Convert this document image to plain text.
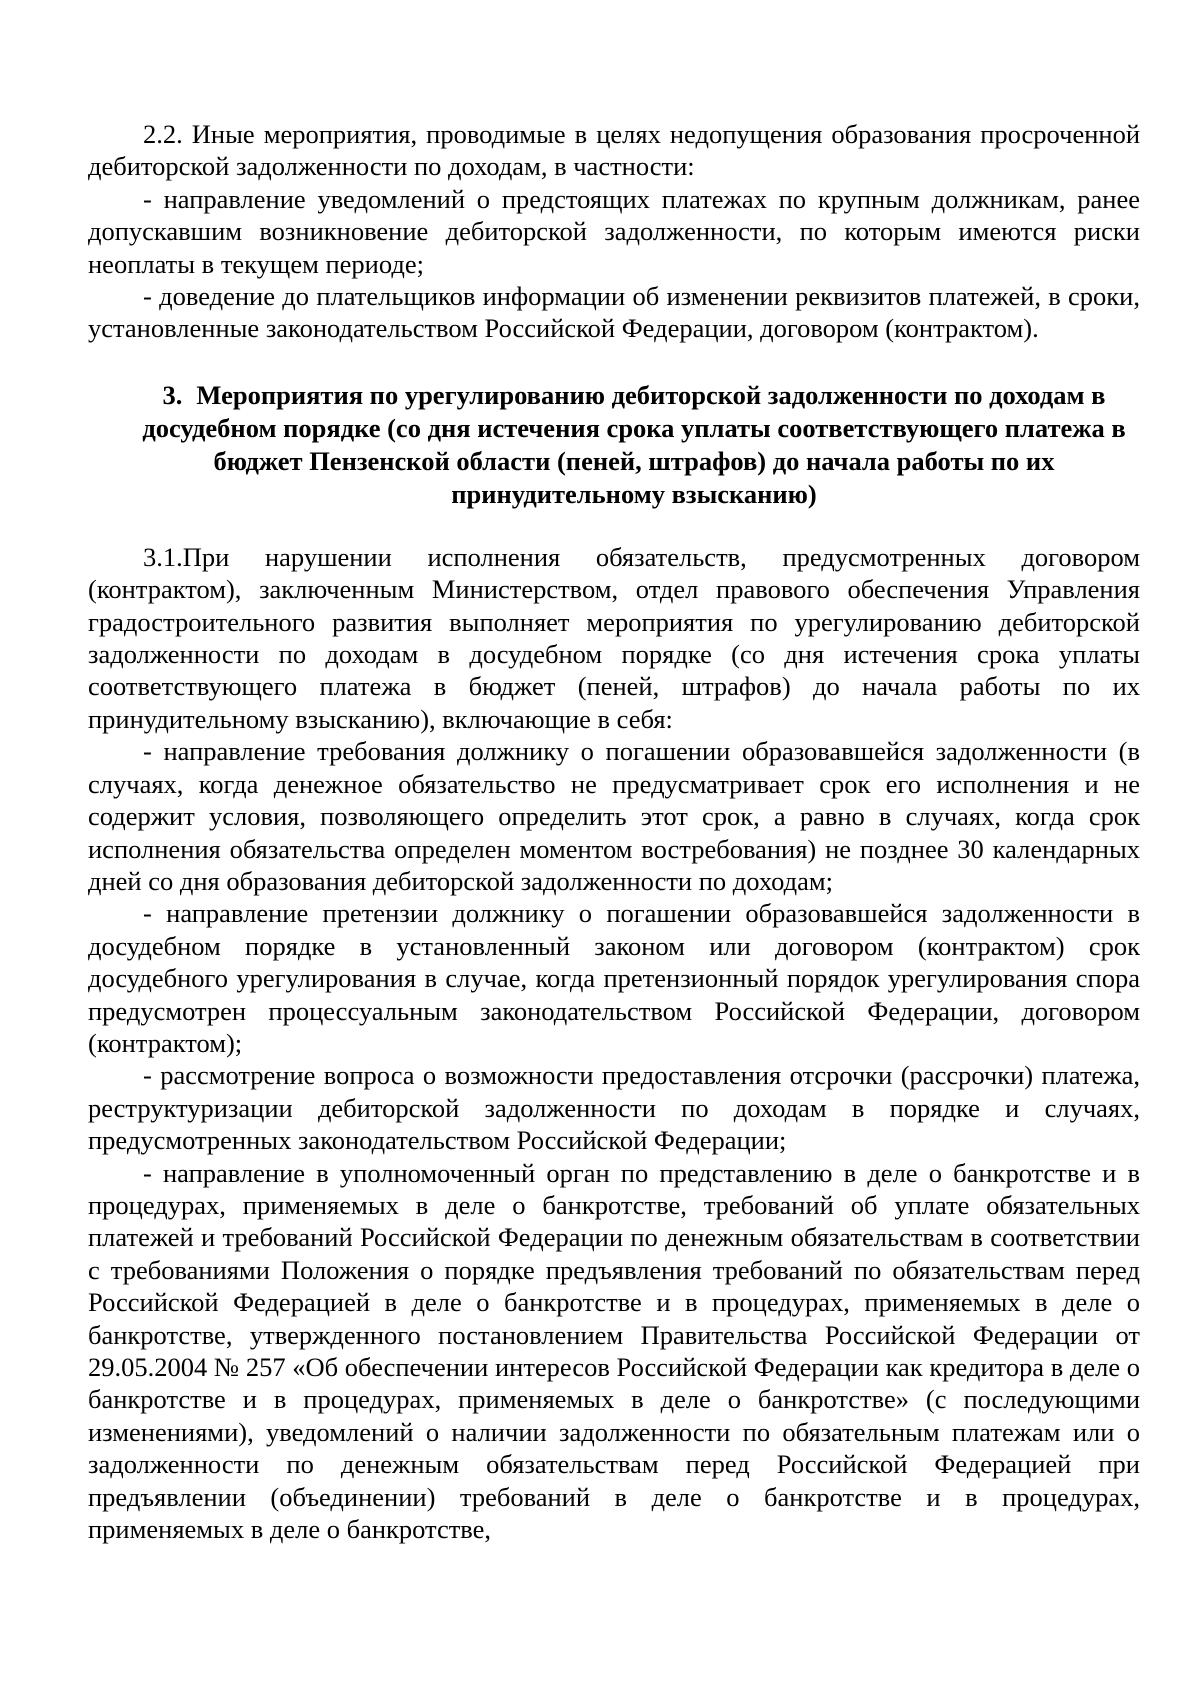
2.2. Иные мероприятия, проводимые в целях недопущения образования просроченной дебиторской задолженности по доходам, в частности:

- направление уведомлений о предстоящих платежах по крупным должникам, ранее допускавшим возникновение дебиторской задолженности, по которым имеются риски неоплаты в текущем периоде;

- доведение до плательщиков информации об изменении реквизитов платежей, в сроки, установленные законодательством Российской Федерации, договором (контрактом).

3. Мероприятия по урегулированию дебиторской задолженности по доходам в досудебном порядке (со дня истечения срока уплаты соответствующего платежа в бюджет Пензенской области (пеней, штрафов) до начала работы по их принудительному взысканию)

3.1.При нарушении исполнения обязательств, предусмотренных договором (контрактом), заключенным Министерством, отдел правового обеспечения Управления градостроительного развития выполняет мероприятия по урегулированию дебиторской задолженности по доходам в досудебном порядке (со дня истечения срока уплаты соответствующего платежа в бюджет (пеней, штрафов) до начала работы по их принудительному взысканию), включающие в себя:

- направление требования должнику о погашении образовавшейся задолженности (в случаях, когда денежное обязательство не предусматривает срок его исполнения и не содержит условия, позволяющего определить этот срок, а равно в случаях, когда срок исполнения обязательства определен моментом востребования) не позднее 30 календарных дней со дня образования дебиторской задолженности по доходам;

- направление претензии должнику о погашении образовавшейся задолженности в досудебном порядке в установленный законом или договором (контрактом) срок досудебного урегулирования в случае, когда претензионный порядок урегулирования спора предусмотрен процессуальным законодательством Российской Федерации, договором (контрактом);

- рассмотрение вопроса о возможности предоставления отсрочки (рассрочки) платежа, реструктуризации дебиторской задолженности по доходам в порядке и случаях, предусмотренных законодательством Российской Федерации;

- направление в уполномоченный орган по представлению в деле о банкротстве и в процедурах, применяемых в деле о банкротстве, требований об уплате обязательных платежей и требований Российской Федерации по денежным обязательствам в соответствии с требованиями Положения о порядке предъявления требований по обязательствам перед Российской Федерацией в деле о банкротстве и в процедурах, применяемых в деле о банкротстве, утвержденного постановлением Правительства Российской Федерации от 29.05.2004 № 257 «Об обеспечении интересов Российской Федерации как кредитора в деле о банкротстве и в процедурах, применяемых в деле о банкротстве» (с последующими изменениями), уведомлений о наличии задолженности по обязательным платежам или о задолженности по денежным обязательствам перед Российской Федерацией при предъявлении (объединении) требований в деле о банкротстве и в процедурах, применяемых в деле о банкротстве,
